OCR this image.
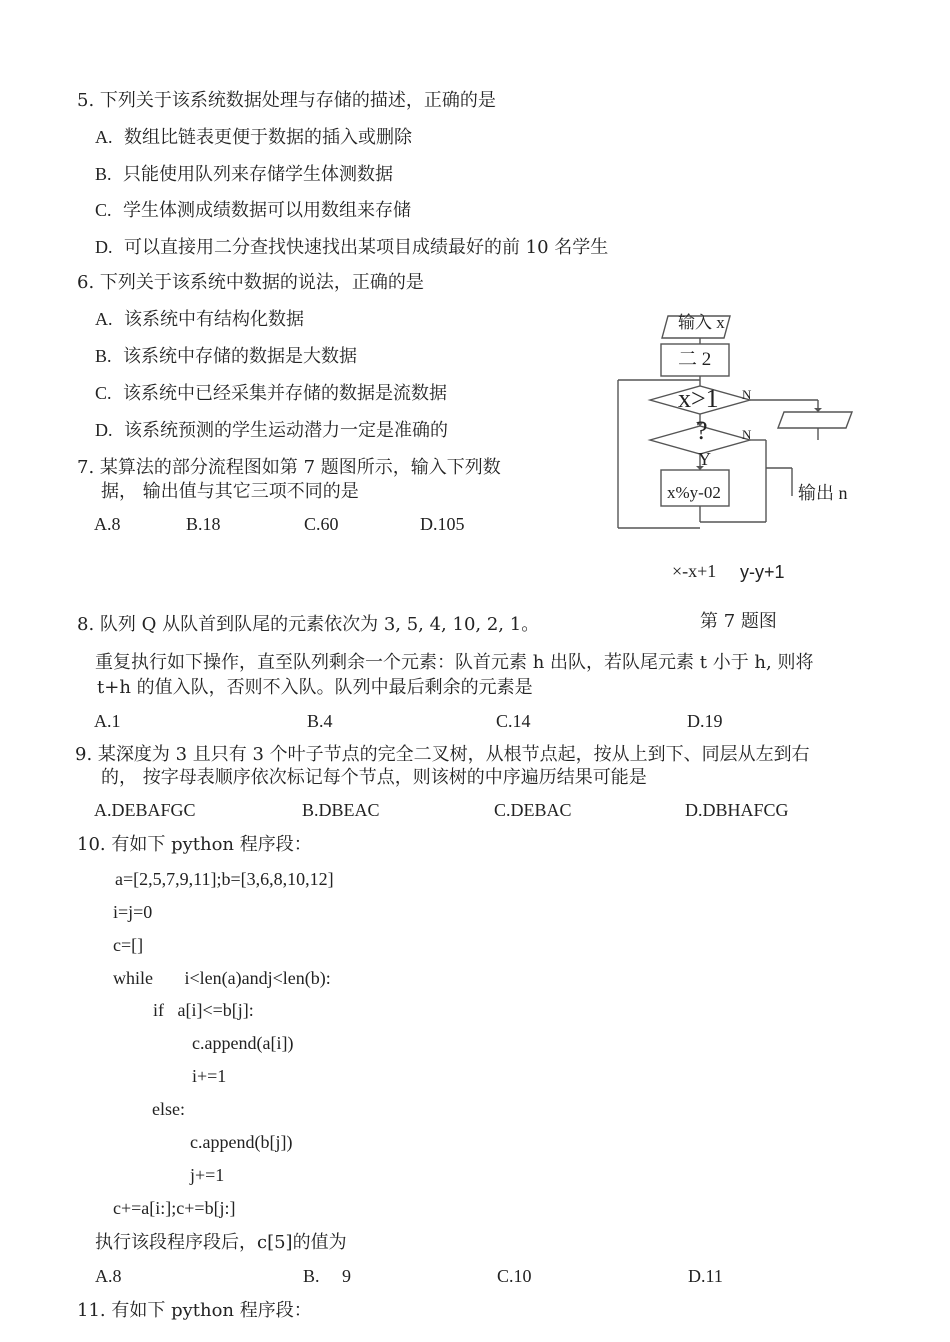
5. 下列关于该系统数据处理与存储的描述，正确的是
A. 数组比链表更便于数据的插入或删除
B. 只能使用队列来存储学生体测数据
C. 学生体测成绩数据可以用数组来存储
D. 可以直接用二分查找快速找出某项目成绩最好的前 10 名学生
6. 下列关于该系统中数据的说法，正确的是
A. 该系统中有结构化数据
B. 该系统中存储的数据是大数据
C. 该系统中已经采集并存储的数据是流数据
D. 该系统预测的学生运动潜力一定是准确的
7. 某算法的部分流程图如第 7 题图所示，输入下列数
据， 输出值与其它三项不同的是
A.8	B.18	C.60	D.105
输入 x
二 2
x>1
?
Y
N
N
x%y-02	输出 n
×-x+1 y-y+1
第 7 题图
8. 队列 Q 从队首到队尾的元素依次为 3, 5, 4, 10, 2, 1。
重复执行如下操作，直至队列剩余一个元素：队首元素 h 出队，若队尾元素 t 小于 h, 则将
t+h 的值入队，否则不入队。队列中最后剩余的元素是
A.1	B.4	C.14	D.19
9. 某深度为 3 且只有 3 个叶子节点的完全二叉树，从根节点起，按从上到下、同层从左到右
的， 按字母表顺序依次标记每个节点，则该树的中序遍历结果可能是
A.DEBAFGC	B.DBEAC	C.DEBAC	D.DBHAFCG
10. 有如下 python 程序段：
a=[2,5,7,9,11];b=[3,6,8,10,12]
i=j=0
c=[]
while       i<len(a)andj<len(b):
if   a[i]<=b[j]:
c.append(a[i])
i+=1
else:
c.append(b[j])
j+=1
c+=a[i:];c+=b[j:]
执行该段程序段后，c[5]的值为
A.8	B.     9	C.10	D.11
11. 有如下 python 程序段：
